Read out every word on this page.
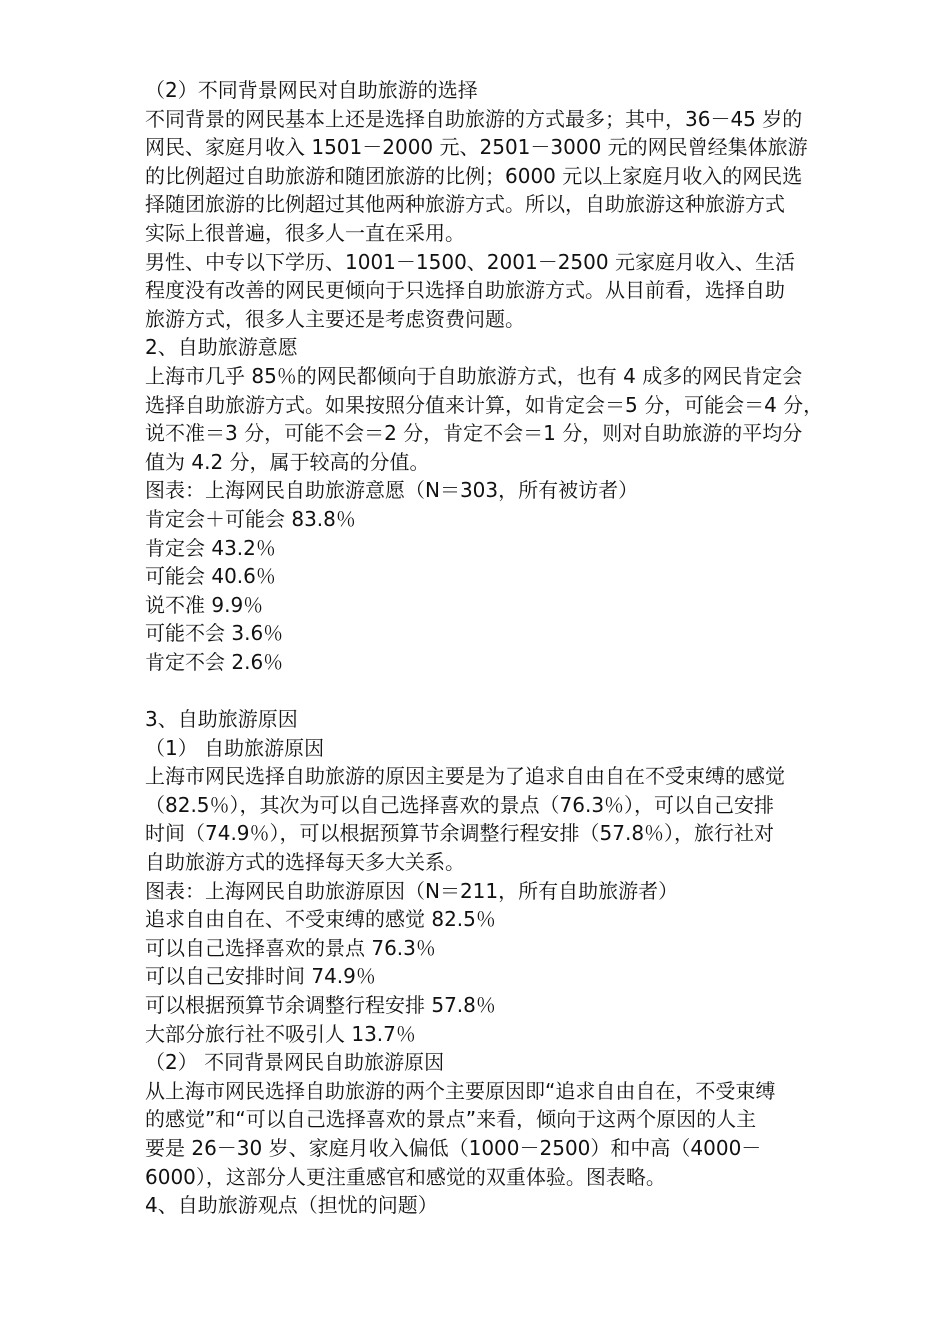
（2）不同背景网民对自助旅游的选择
不同背景的网民基本上还是选择自助旅游的方式最多；其中，36－45 岁的
网民、家庭月收入 1501－2000 元、2501－3000 元的网民曾经集体旅游
的比例超过自助旅游和随团旅游的比例；6000 元以上家庭月收入的网民选
择随团旅游的比例超过其他两种旅游方式。所以，自助旅游这种旅游方式
实际上很普遍，很多人一直在采用。
男性、中专以下学历、1001－1500、2001－2500 元家庭月收入、生活
程度没有改善的网民更倾向于只选择自助旅游方式。从目前看，选择自助
旅游方式，很多人主要还是考虑资费问题。
2、自助旅游意愿
上海市几乎 85％的网民都倾向于自助旅游方式，也有 4 成多的网民肯定会
选择自助旅游方式。如果按照分值来计算，如肯定会＝5 分，可能会＝4 分，
说不准＝3 分，可能不会＝2 分，肯定不会＝1 分，则对自助旅游的平均分
值为 4.2 分，属于较高的分值。
图表：上海网民自助旅游意愿（N＝303，所有被访者）
肯定会＋可能会 83.8％
肯定会 43.2％
可能会 40.6％
说不准 9.9％
可能不会 3.6％
肯定不会 2.6％
3、自助旅游原因
（1） 自助旅游原因
上海市网民选择自助旅游的原因主要是为了追求自由自在不受束缚的感觉
（82.5％），其次为可以自己选择喜欢的景点（76.3％），可以自己安排
时间（74.9％），可以根据预算节余调整行程安排（57.8％），旅行社对
自助旅游方式的选择每天多大关系。
图表：上海网民自助旅游原因（N＝211，所有自助旅游者）
追求自由自在、不受束缚的感觉 82.5％
可以自己选择喜欢的景点 76.3％
可以自己安排时间 74.9％
可以根据预算节余调整行程安排 57.8％
大部分旅行社不吸引人 13.7％
（2） 不同背景网民自助旅游原因
从上海市网民选择自助旅游的两个主要原因即“追求自由自在，不受束缚
的感觉”和“可以自己选择喜欢的景点”来看，倾向于这两个原因的人主
要是 26－30 岁、家庭月收入偏低（1000－2500）和中高（4000－
6000），这部分人更注重感官和感觉的双重体验。图表略。
4、自助旅游观点（担忧的问题）
